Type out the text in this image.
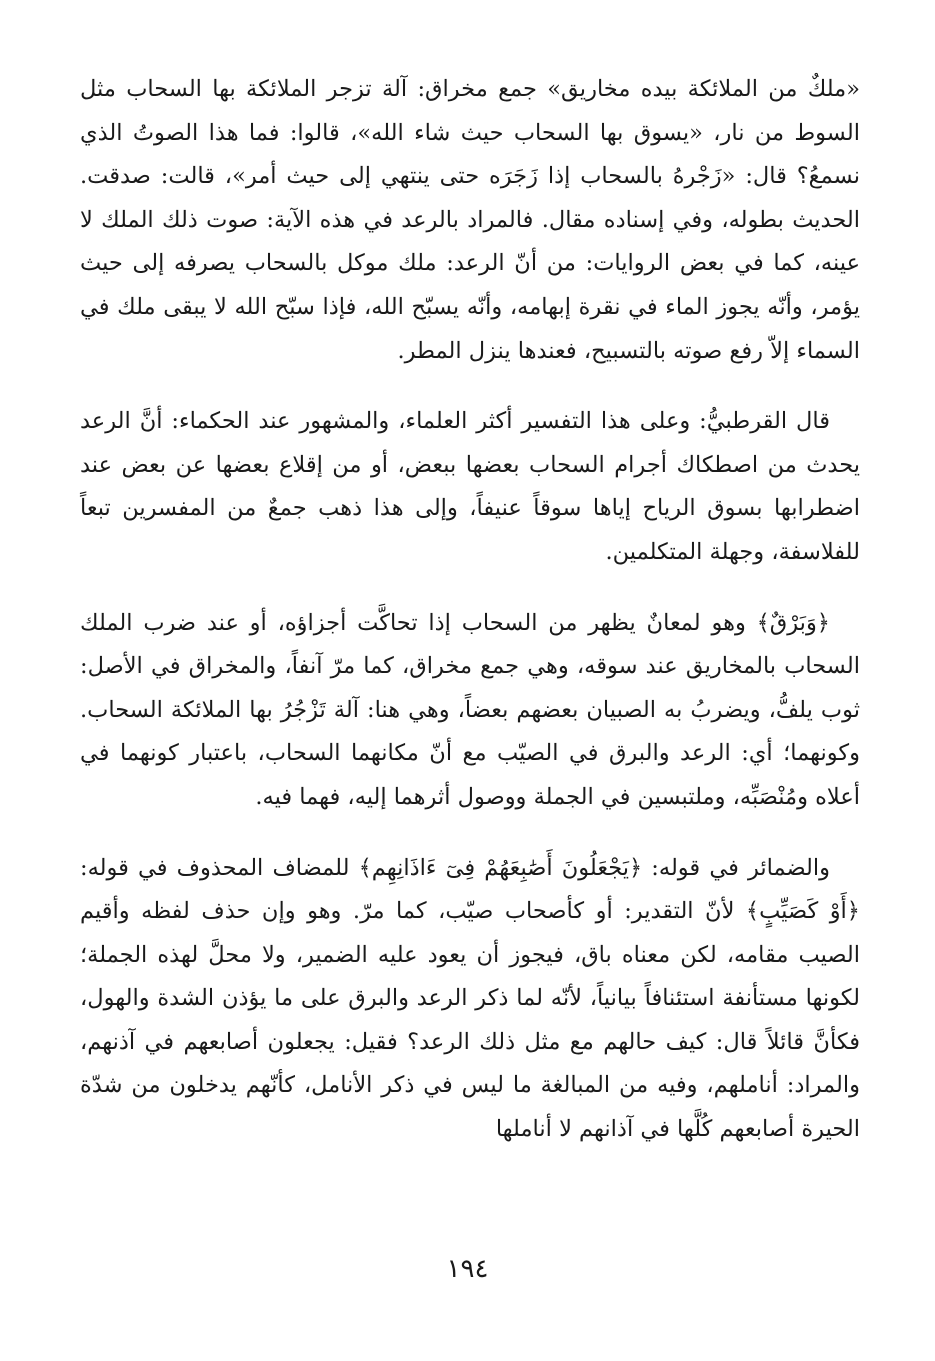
«ملكٌ من الملائكة بيده مخاريق» جمع مخراق: آلة تزجر الملائكة بها السحاب مثل السوط من نار، «يسوق بها السحاب حيث شاء الله»، قالوا: فما هذا الصوتُ الذي نسمعُ؟ قال: «زَجْرهُ بالسحاب إذا زَجَرَه حتى ينتهي إلى حيث أمر»، قالت: صدقت. الحديث بطوله، وفي إسناده مقال. فالمراد بالرعد في هذه الآية: صوت ذلك الملك لا عينه، كما في بعض الروايات: من أنّ الرعد: ملك موكل بالسحاب يصرفه إلى حيث يؤمر، وأنّه يجوز الماء في نقرة إبهامه، وأنّه يسبّح الله، فإذا سبّح الله لا يبقى ملك في السماء إلاّ رفع صوته بالتسبيح، فعندها ينزل المطر.

قال القرطبيُّ: وعلى هذا التفسير أكثر العلماء، والمشهور عند الحكماء: أنَّ الرعد يحدث من اصطكاك أجرام السحاب بعضها ببعض، أو من إقلاع بعضها عن بعض عند اضطرابها بسوق الرياح إياها سوقاً عنيفاً، وإلى هذا ذهب جمعٌ من المفسرين تبعاً للفلاسفة، وجهلة المتكلمين.

﴿وَبَرْقٌ﴾ وهو لمعانٌ يظهر من السحاب إذا تحاكَّت أجزاؤه، أو عند ضرب الملك السحاب بالمخاريق عند سوقه، وهي جمع مخراق، كما مرّ آنفاً، والمخراق في الأصل: ثوب يلفُّ، ويضربُ به الصبيان بعضهم بعضاً، وهي هنا: آلة تَزْجُرُ بها الملائكة السحاب. وكونهما؛ أي: الرعد والبرق في الصيّب مع أنّ مكانهما السحاب، باعتبار كونهما في أعلاه ومُنْصَبِّه، وملتبسين في الجملة ووصول أثرهما إليه، فهما فيه.

والضمائر في قوله: ﴿يَجْعَلُونَ أَصَٰبِعَهُمْ فِىٓ ءَاذَانِهِم﴾ للمضاف المحذوف في قوله: ﴿أَوْ كَصَيِّبٍ﴾ لأنّ التقدير: أو كأصحاب صيّب، كما مرّ. وهو وإن حذف لفظه وأقيم الصيب مقامه، لكن معناه باق، فيجوز أن يعود عليه الضمير، ولا محلَّ لهذه الجملة؛ لكونها مستأنفة استئنافاً بيانياً، لأنّه لما ذكر الرعد والبرق على ما يؤذن الشدة والهول، فكأنَّ قائلاً قال: كيف حالهم مع مثل ذلك الرعد؟ فقيل: يجعلون أصابعهم في آذنهم، والمراد: أناملهم، وفيه من المبالغة ما ليس في ذكر الأنامل، كأنّهم يدخلون من شدّة الحيرة أصابعهم كُلَّها في آذانهم لا أناملها

١٩٤
